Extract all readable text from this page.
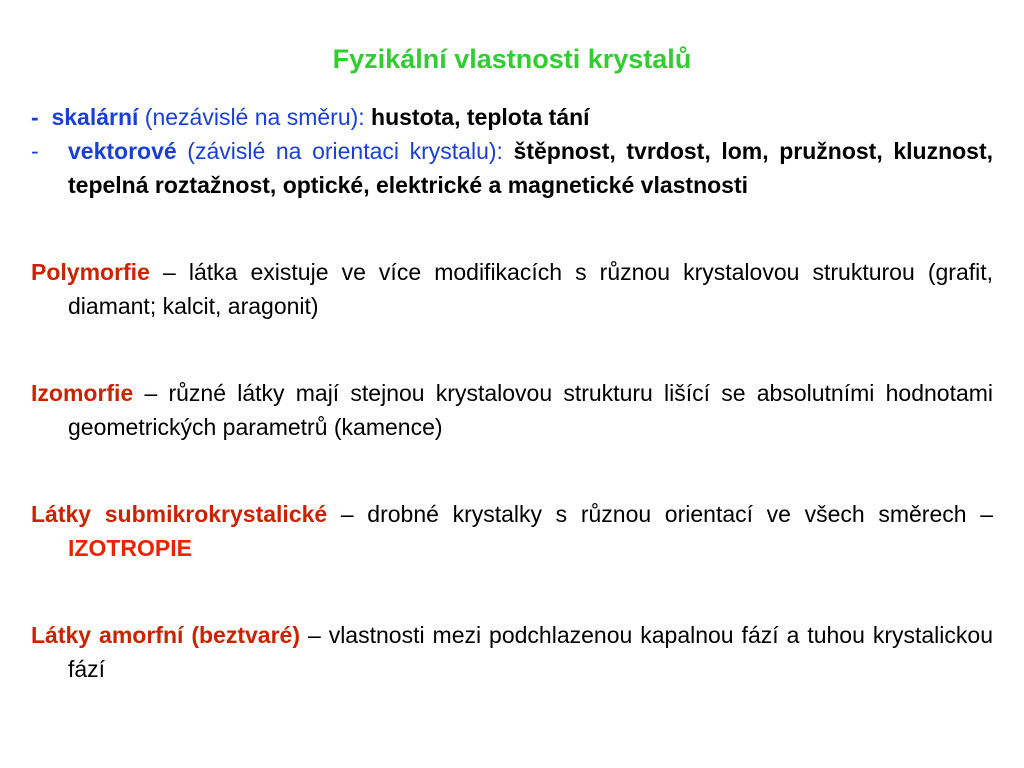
Fyzikální vlastnosti krystalů

- skalární (nezávislé na směru): hustota, teplota tání

- vektorové (závislé na orientaci krystalu): štěpnost, tvrdost, lom, pružnost, kluznost, tepelná roztažnost, optické, elektrické a magnetické vlastnosti

Polymorfie – látka existuje ve více modifikacích s různou krystalovou strukturou (grafit, diamant; kalcit, aragonit)

Izomorfie – různé látky mají stejnou krystalovou strukturu lišící se absolutními hodnotami geometrických parametrů (kamence)

Látky submikrokrystalické – drobné krystalky s různou orientací ve všech směrech – IZOTROPIE

Látky amorfní (beztvaré) – vlastnosti mezi podchlazenou kapalnou fází a tuhou krystalickou fází
